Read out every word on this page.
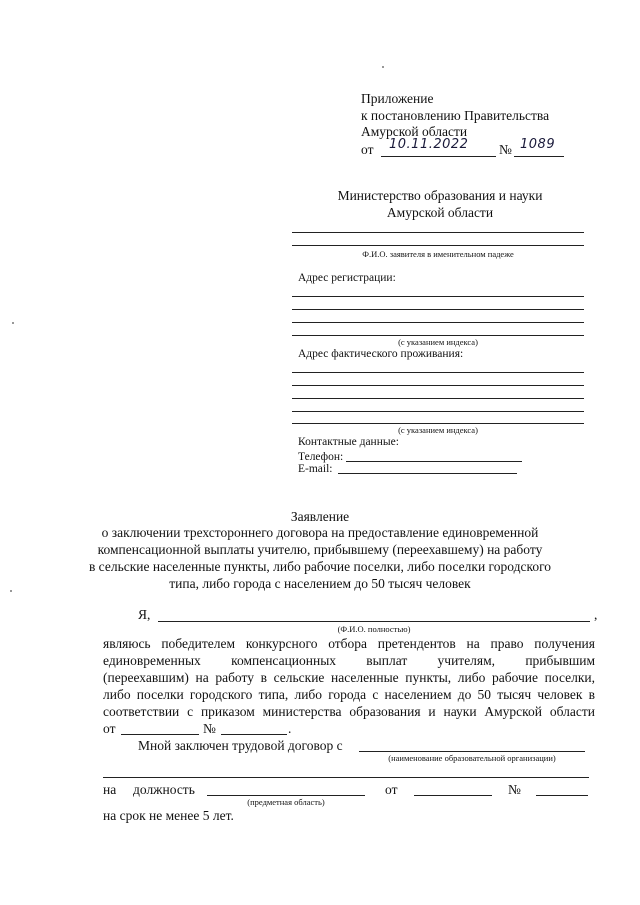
Приложение
к постановлению Правительства
Амурской области
от 10.11.2022 № 1089
Министерство образования и науки
Амурской области
Ф.И.О. заявителя в именительном падеже
Адрес регистрации:
(с указанием индекса)
Адрес фактического проживания:
(с указанием индекса)
Контактные данные:
Телефон:
E-mail:
Заявление
о заключении трехстороннего договора на предоставление единовременной
компенсационной выплаты учителю, прибывшему (переехавшему) на работу
в сельские населенные пункты, либо рабочие поселки, либо поселки городского
типа, либо города с населением до 50 тысяч человек
Я,	,
(Ф.И.О. полностью)
являюсь победителем конкурсного отбора претендентов на право получения
единовременных компенсационных выплат учителям, прибывшим
(переехавшим) на работу в сельские населенные пункты, либо рабочие поселки,
либо поселки городского типа, либо города с населением до 50 тысяч человек в
соответствии с приказом министерства образования и науки Амурской области
от	№	.
Мной заключен трудовой договор с
(наименование образовательной организации)
на должность	от	№
(предметная область)
на срок не менее 5 лет.
